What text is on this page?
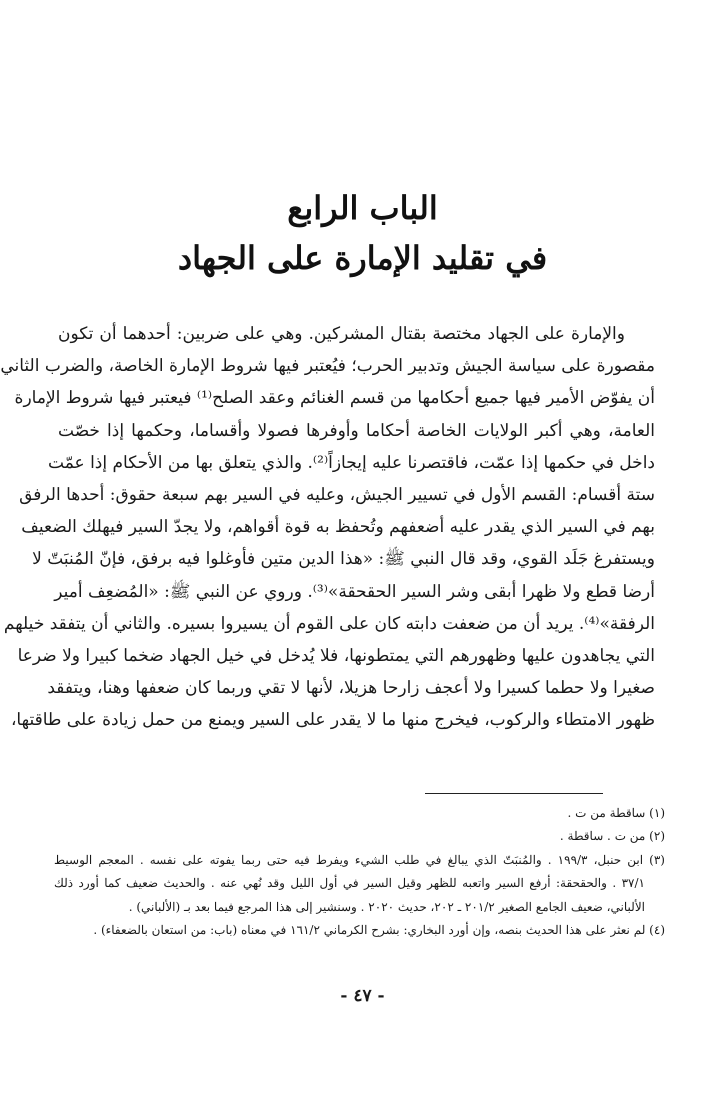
الباب الرابع
في تقليد الإمارة على الجهاد
والإمارة على الجهاد مختصة بقتال المشركين. وهي على ضربين: أحدهما أن تكون
مقصورة على سياسة الجيش وتدبير الحرب؛ فيُعتبر فيها شروط الإمارة الخاصة، والضرب الثاني
أن يفوّض الأمير فيها جميع أحكامها من قسم الغنائم وعقد الصلح⁽¹⁾ فيعتبر فيها شروط الإمارة
العامة، وهي أكبر الولايات الخاصة أحكاما وأوفرها فصولا وأقساما، وحكمها إذا خصّت
داخل في حكمها إذا عمّت، فاقتصرنا عليه إيجازاً⁽²⁾. والذي يتعلق بها من الأحكام إذا عمّت
ستة أقسام: القسم الأول في تسيير الجيش، وعليه في السير بهم سبعة حقوق: أحدها الرفق
بهم في السير الذي يقدر عليه أضعفهم وتُحفظ به قوة أقواهم، ولا يجدّ السير فيهلك الضعيف
ويستفرغ جَلَد القوي، وقد قال النبي ﷺ: «هذا الدين متين فأوغلوا فيه برفق، فإنّ المُنبَتّ لا
أرضا قطع ولا ظهرا أبقى وشر السير الحقحقة»⁽³⁾. وروي عن النبي ﷺ: «المُضعِف أمير
الرفقة»⁽⁴⁾. يريد أن من ضعفت دابته كان على القوم أن يسيروا بسيره. والثاني أن يتفقد خيلهم
التي يجاهدون عليها وظهورهم التي يمتطونها، فلا يُدخل في خيل الجهاد ضخما كبيرا ولا ضرعا
صغيرا ولا حطما كسيرا ولا أعجف زارحا هزيلا، لأنها لا تقي وربما كان ضعفها وهنا، ويتفقد
ظهور الامتطاء والركوب، فيخرج منها ما لا يقدر على السير ويمنع من حمل زيادة على طاقتها،
(١) ساقطة من ت .
(٢) من ت . ساقطة .
(٣) ابن حنبل، ١٩٩/٣ . والمُنبَتّ الذي يبالغ في طلب الشيء ويفرط فيه حتى ربما يفوته على نفسه . المعجم الوسيط
٣٧/١ . والحقحقة: أرفع السير واتعبه للظهر وقيل السير في أول الليل وقد نُهي عنه . والحديث ضعيف كما أورد ذلك
الألباني، ضعيف الجامع الصغير ٢٠١/٢ ـ ٢٠٢، حديث ٢٠٢٠ . وسنشير إلى هذا المرجع فيما بعد بـ (الألباني) .
(٤) لم نعثر على هذا الحديث بنصه، وإن أورد البخاري: بشرح الكرماني ١٦١/٢ في معناه (باب: من استعان بالضعفاء) .
- ٤٧ -
